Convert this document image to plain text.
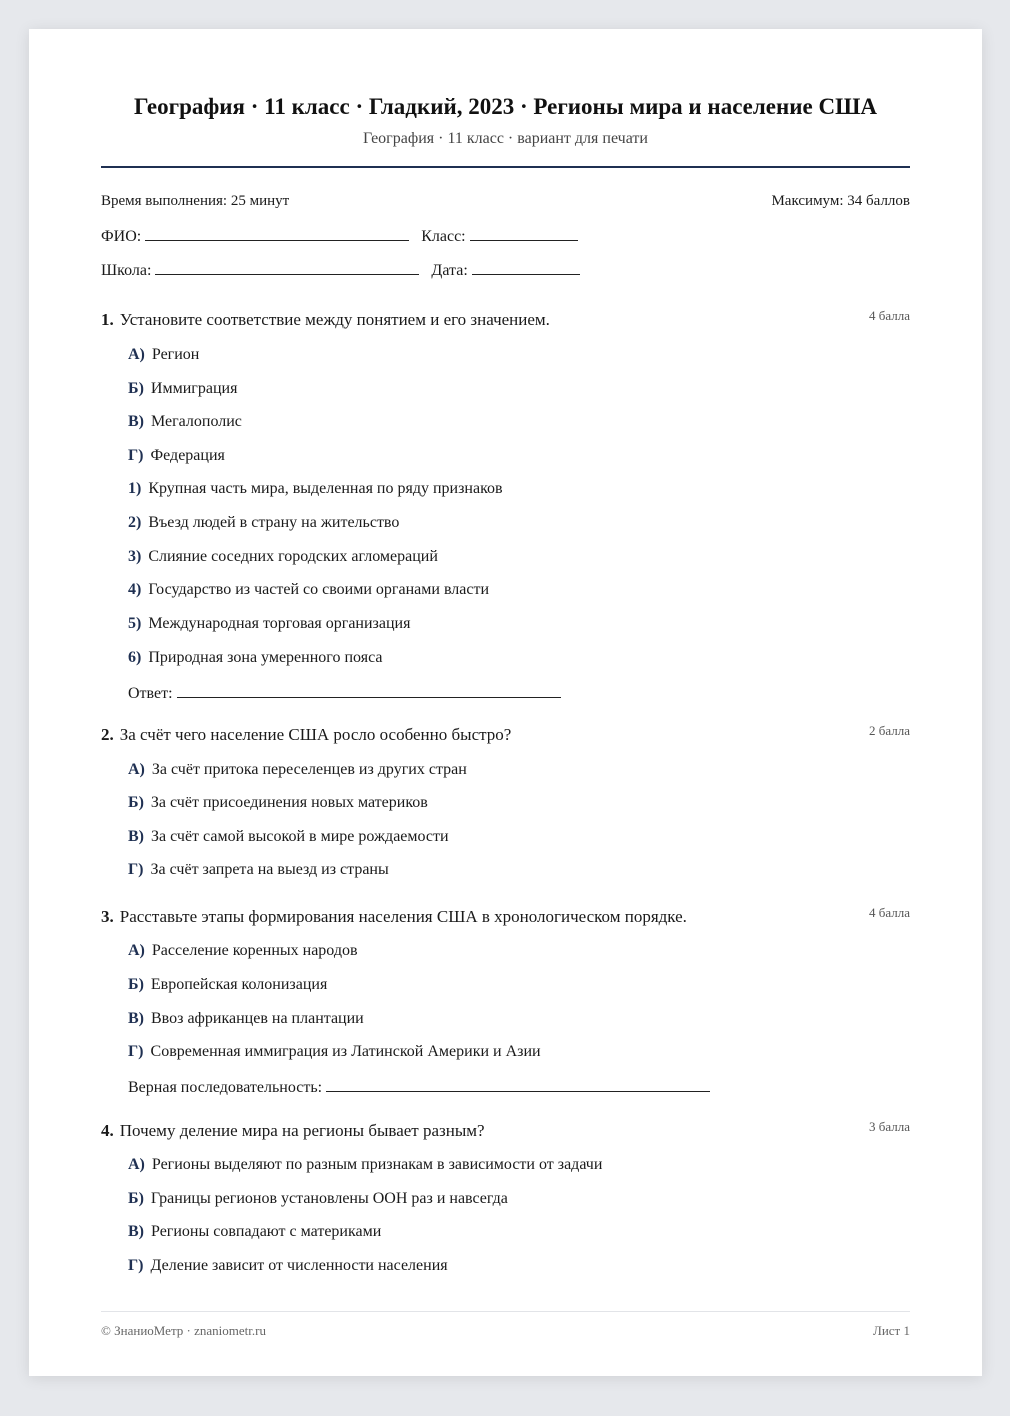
География · 11 класс · Гладкий, 2023 · Регионы мира и население США
География · 11 класс · вариант для печати
Время выполнения: 25 минут	Максимум: 34 баллов
ФИО:	Класс:
Школа:	Дата:
1. Установите соответствие между понятием и его значением.	4 балла
А) Регион
Б) Иммиграция
В) Мегалополис
Г) Федерация
1) Крупная часть мира, выделенная по ряду признаков
2) Въезд людей в страну на жительство
3) Слияние соседних городских агломераций
4) Государство из частей со своими органами власти
5) Международная торговая организация
6) Природная зона умеренного пояса
Ответ:
2. За счёт чего население США росло особенно быстро?	2 балла
А) За счёт притока переселенцев из других стран
Б) За счёт присоединения новых материков
В) За счёт самой высокой в мире рождаемости
Г) За счёт запрета на выезд из страны
3. Расставьте этапы формирования населения США в хронологическом порядке.	4 балла
А) Расселение коренных народов
Б) Европейская колонизация
В) Ввоз африканцев на плантации
Г) Современная иммиграция из Латинской Америки и Азии
Верная последовательность:
4. Почему деление мира на регионы бывает разным?	3 балла
А) Регионы выделяют по разным признакам в зависимости от задачи
Б) Границы регионов установлены ООН раз и навсегда
В) Регионы совпадают с материками
Г) Деление зависит от численности населения
© ЗнаниоМетр · znaniometr.ru	Лист 1
